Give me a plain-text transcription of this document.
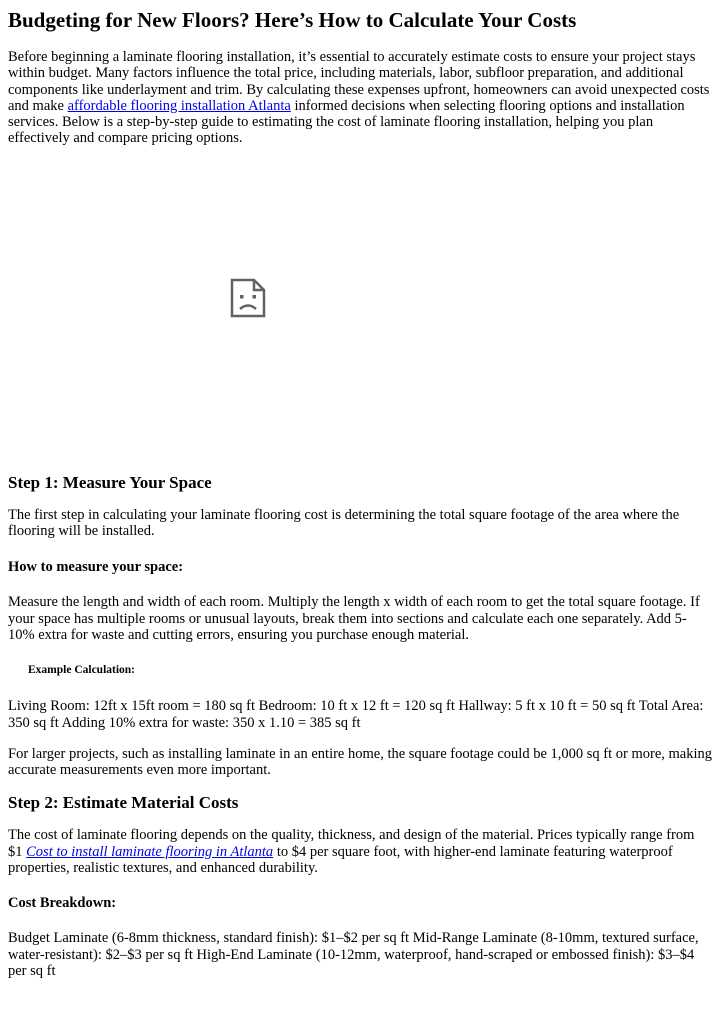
Budgeting for New Floors? Here’s How to Calculate Your Costs

Before beginning a laminate flooring installation, it’s essential to accurately estimate costs to ensure your project stays within budget. Many factors influence the total price, including materials, labor, subfloor preparation, and additional components like underlayment and trim. By calculating these expenses upfront, homeowners can avoid unexpected costs and make affordable flooring installation Atlanta informed decisions when selecting flooring options and installation services. Below is a step-by-step guide to estimating the cost of laminate flooring installation, helping you plan effectively and compare pricing options.

Step 1: Measure Your Space

The first step in calculating your laminate flooring cost is determining the total square footage of the area where the flooring will be installed.

How to measure your space:

Measure the length and width of each room. Multiply the length x width of each room to get the total square footage. If your space has multiple rooms or unusual layouts, break them into sections and calculate each one separately. Add 5-10% extra for waste and cutting errors, ensuring you purchase enough material.

Example Calculation:

Living Room: 12ft x 15ft room = 180 sq ft Bedroom: 10 ft x 12 ft = 120 sq ft Hallway: 5 ft x 10 ft = 50 sq ft Total Area: 350 sq ft Adding 10% extra for waste: 350 x 1.10 = 385 sq ft

For larger projects, such as installing laminate in an entire home, the square footage could be 1,000 sq ft or more, making accurate measurements even more important.

Step 2: Estimate Material Costs

The cost of laminate flooring depends on the quality, thickness, and design of the material. Prices typically range from $1 Cost to install laminate flooring in Atlanta to $4 per square foot, with higher-end laminate featuring waterproof properties, realistic textures, and enhanced durability.

Cost Breakdown:

Budget Laminate (6-8mm thickness, standard finish): $1–$2 per sq ft Mid-Range Laminate (8-10mm, textured surface, water-resistant): $2–$3 per sq ft High-End Laminate (10-12mm, waterproof, hand-scraped or embossed finish): $3–$4 per sq ft
